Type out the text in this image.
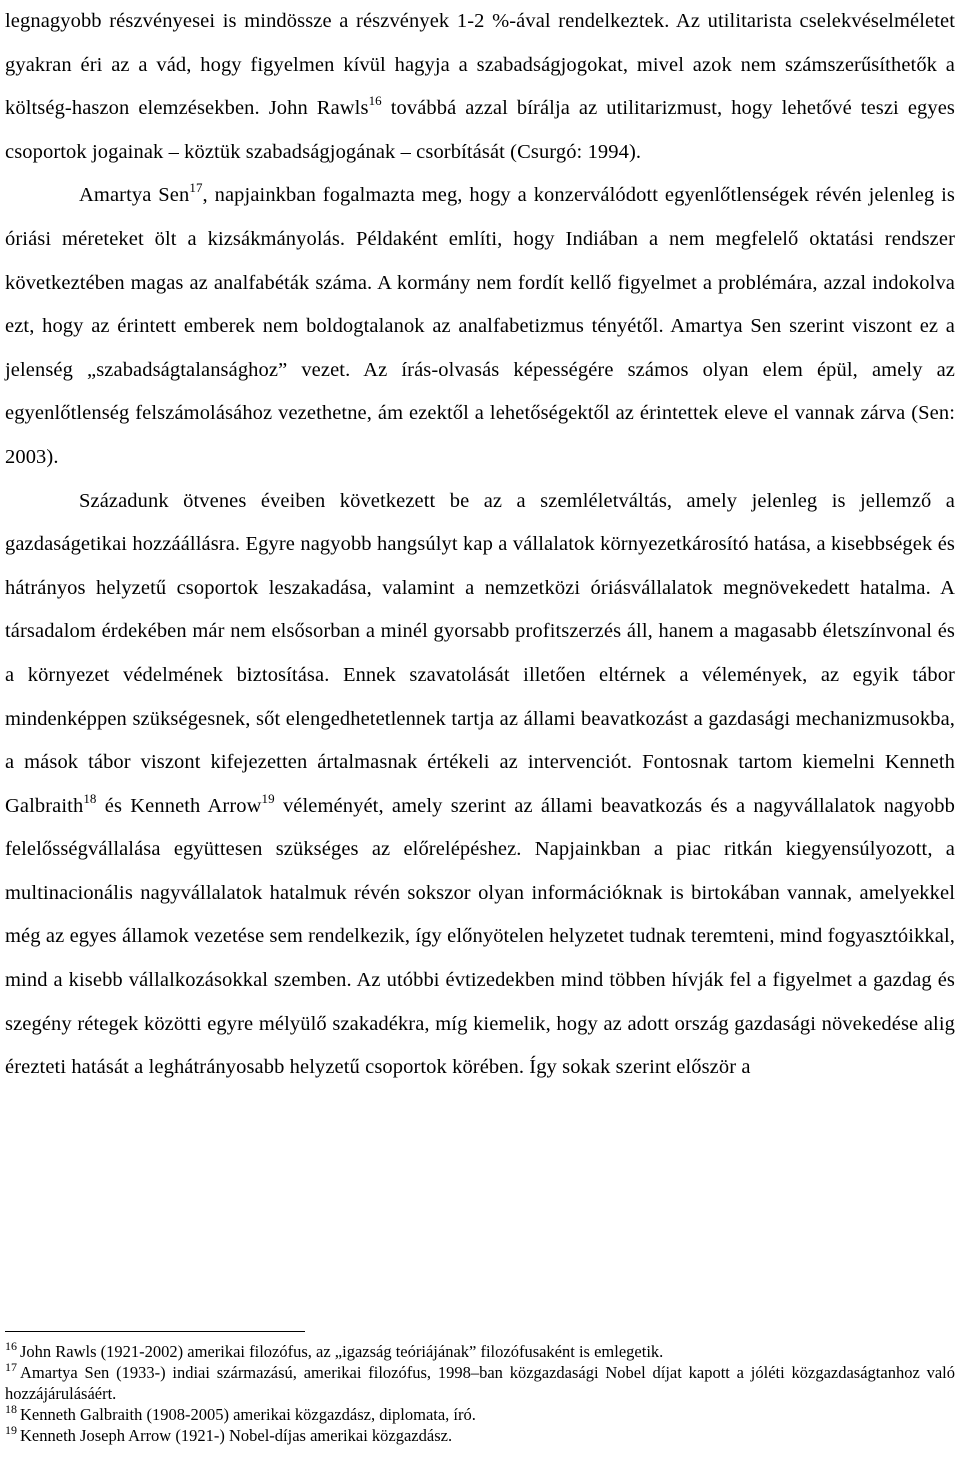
legnagyobb részvényesei is mindössze a részvények 1-2 %-ával rendelkeztek. Az utilitarista cselekvéselméletet gyakran éri az a vád, hogy figyelmen kívül hagyja a szabadságjogokat, mivel azok nem számszerűsíthetők a költség-haszon elemzésekben. John Rawls$^{16}$ továbbá azzal bírálja az utilitarizmust, hogy lehetővé teszi egyes csoportok jogainak – köztük szabadságjogának – csorbítását (Csurgó: 1994).

Amartya Sen$^{17}$, napjainkban fogalmazta meg, hogy a konzerválódott egyenlőtlenségek révén jelenleg is óriási méreteket ölt a kizsákmányolás. Példaként említi, hogy Indiában a nem megfelelő oktatási rendszer következtében magas az analfabéták száma. A kormány nem fordít kellő figyelmet a problémára, azzal indokolva ezt, hogy az érintett emberek nem boldogtalanok az analfabetizmus tényétől. Amartya Sen szerint viszont ez a jelenség „szabadságtalansághoz” vezet. Az írás-olvasás képességére számos olyan elem épül, amely az egyenlőtlenség felszámolásához vezethetne, ám ezektől a lehetőségektől az érintettek eleve el vannak zárva (Sen: 2003).

Századunk ötvenes éveiben következett be az a szemléletváltás, amely jelenleg is jellemző a gazdaságetikai hozzáállásra. Egyre nagyobb hangsúlyt kap a vállalatok környezetkárosító hatása, a kisebbségek és hátrányos helyzetű csoportok leszakadása, valamint a nemzetközi óriásvállalatok megnövekedett hatalma. A társadalom érdekében már nem elsősorban a minél gyorsabb profitszerzés áll, hanem a magasabb életszínvonal és a környezet védelmének biztosítása. Ennek szavatolását illetően eltérnek a vélemények, az egyik tábor mindenképpen szükségesnek, sőt elengedhetetlennek tartja az állami beavatkozást a gazdasági mechanizmusokba, a mások tábor viszont kifejezetten ártalmasnak értékeli az intervenciót. Fontosnak tartom kiemelni Kenneth Galbraith$^{18}$ és Kenneth Arrow$^{19}$ véleményét, amely szerint az állami beavatkozás és a nagyvállalatok nagyobb felelősségvállalása együttesen szükséges az előrelépéshez. Napjainkban a piac ritkán kiegyensúlyozott, a multinacionális nagyvállalatok hatalmuk révén sokszor olyan információknak is birtokában vannak, amelyekkel még az egyes államok vezetése sem rendelkezik, így előnyötelen helyzetet tudnak teremteni, mind fogyasztóikkal, mind a kisebb vállalkozásokkal szemben. Az utóbbi évtizedekben mind többen hívják fel a figyelmet a gazdag és szegény rétegek közötti egyre mélyülő szakadékra, míg kiemelik, hogy az adott ország gazdasági növekedése alig érezteti hatását a leghátrányosabb helyzetű csoportok körében. Így sokak szerint először a

$^{16}$ John Rawls (1921-2002) amerikai filozófus, az „igazság teóriájának” filozófusaként is emlegetik.

$^{17}$ Amartya Sen (1933-) indiai származású, amerikai filozófus, 1998–ban közgazdasági Nobel díjat kapott a jóléti közgazdaságtanhoz való hozzájárulásáért.

$^{18}$ Kenneth Galbraith (1908-2005) amerikai közgazdász, diplomata, író.

$^{19}$ Kenneth Joseph Arrow (1921-) Nobel-díjas amerikai közgazdász.
